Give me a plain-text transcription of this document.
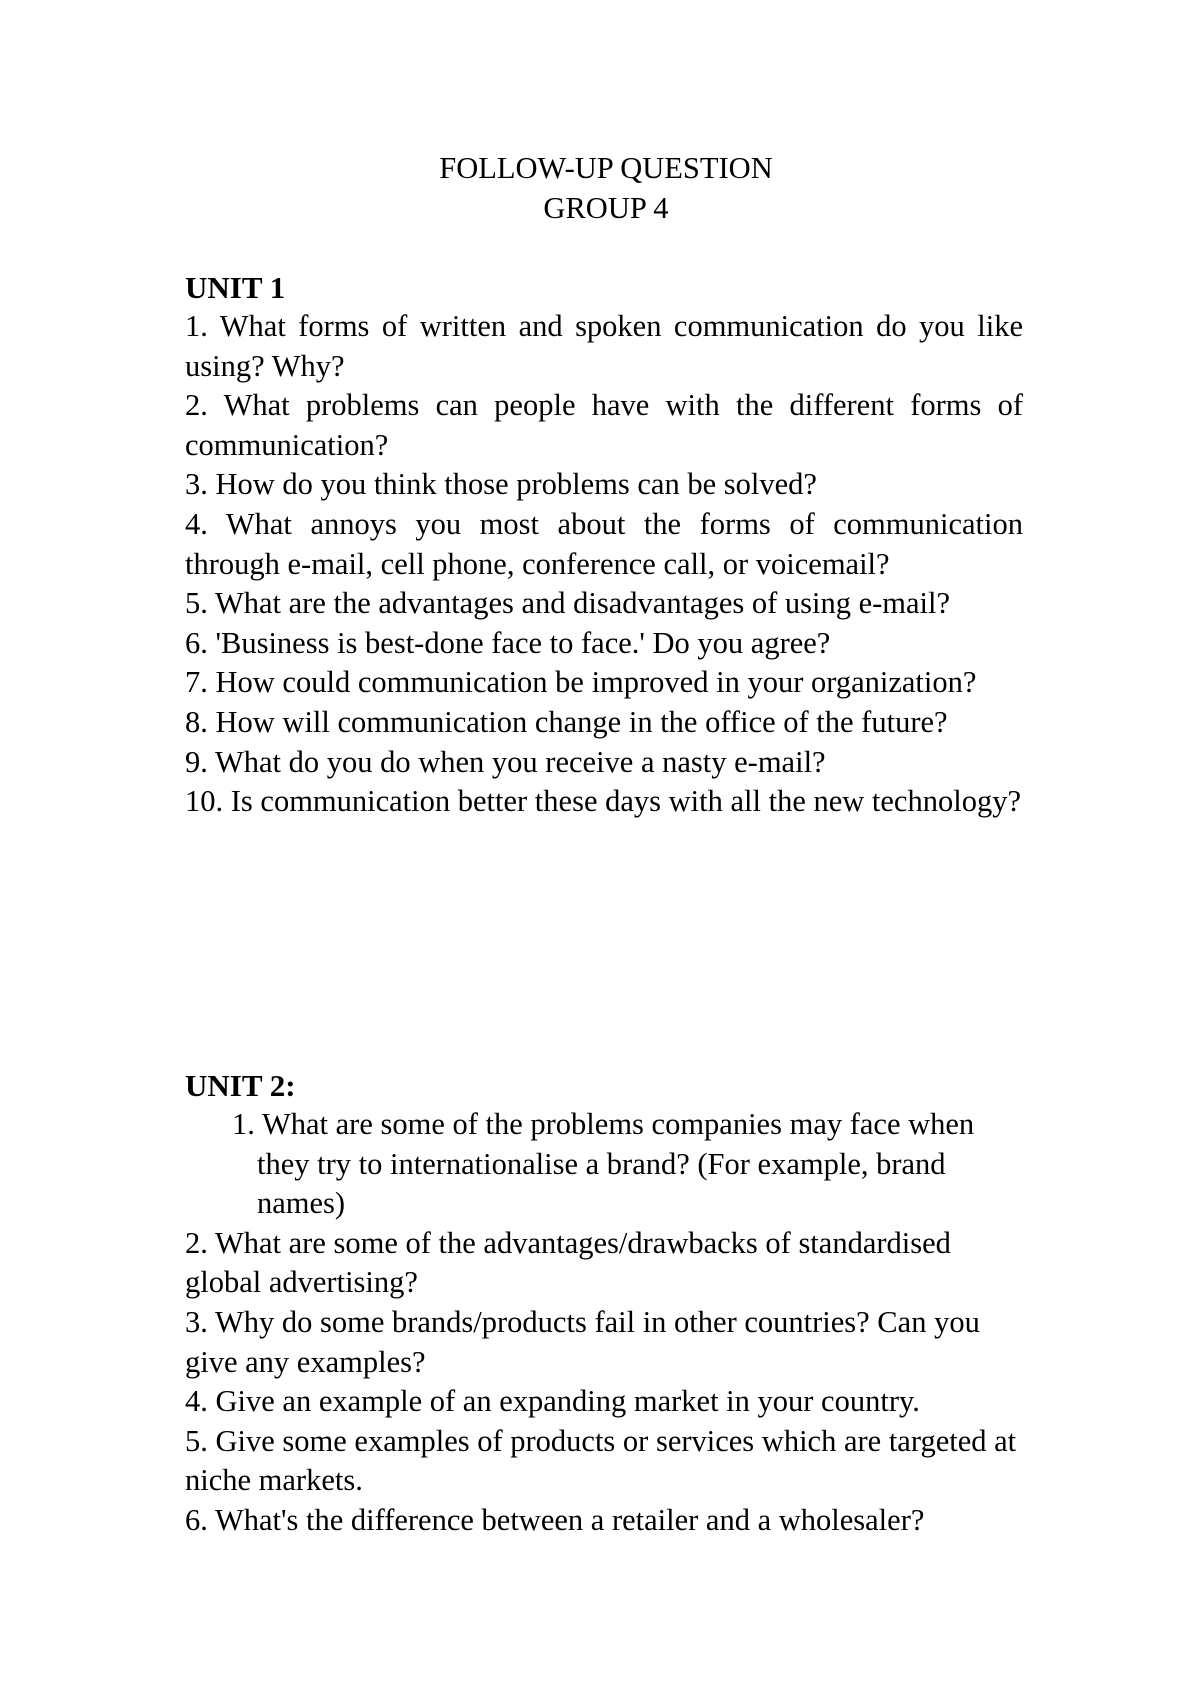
FOLLOW-UP QUESTION
GROUP 4
UNIT 1

1. What forms of written and spoken communication do you like using? Why?

2. What problems can people have with the different forms of communication?

3. How do you think those problems can be solved?

4. What annoys you most about the forms of communication through e-mail, cell phone, conference call, or voicemail?

5. What are the advantages and disadvantages of using e-mail?

6. 'Business is best-done face to face.' Do you agree?

7. How could communication be improved in your organization?

8. How will communication change in the office of the future?

9. What do you do when you receive a nasty e-mail?

10. Is communication better these days with all the new technology?

UNIT 2:

1. What are some of the problems companies may face when they try to internationalise a brand? (For example, brand names)

2. What are some of the advantages/drawbacks of standardised global advertising?

3. Why do some brands/products fail in other countries? Can you give any examples?

4. Give an example of an expanding market in your country.

5. Give some examples of products or services which are targeted at niche markets.

6. What's the difference between a retailer and a wholesaler?
